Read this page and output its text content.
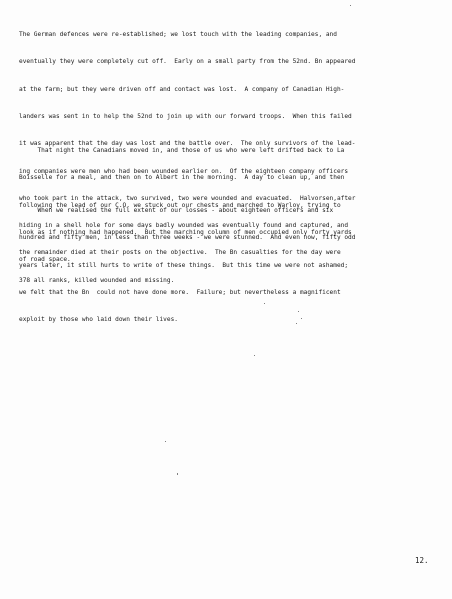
The German defences were re-established; we lost touch with the leading companies, and

eventually they were completely cut off.  Early on a small party from the 52nd. Bn appeared

at the farm; but they were driven off and contact was lost.  A company of Canadian High-

landers was sent in to help the 52nd to join up with our forward troops.  When this failed

it was apparent that the day was lost and the battle over.  The only survivors of the lead-

ing companies were men who had been wounded earlier on.  Of the eighteen company officers

who took part in the attack, two survived, two were wounded and evacuated.  Halvorsen,after

hiding in a shell hole for some days badly wounded was eventually found and captured, and

the remainder died at their posts on the objective.  The Bn casualties for the day were

378 all ranks, killed wounded and missing.

That night the Canadians moved in, and those of us who were left drifted back to La

Boisselle for a meal, and then on to Albert in the morning.  A day to clean up, and then

following the lead of our C.O. we stuck out our chests and marched to Warloy, trying to

look as if nothing had happened.  But the marching column of men occupied only forty yards

of road space.

When we realised the full extent of our losses - about eighteen officers and six

hundred and fifty men, in less than three weeks - we were stunned.  And even now, fifty odd

years later, it still hurts to write of these things.  But this time we were not ashamed;

we felt that the Bn  could not have done more.  Failure; but nevertheless a magnificent

exploit by those who laid down their lives.

12.
